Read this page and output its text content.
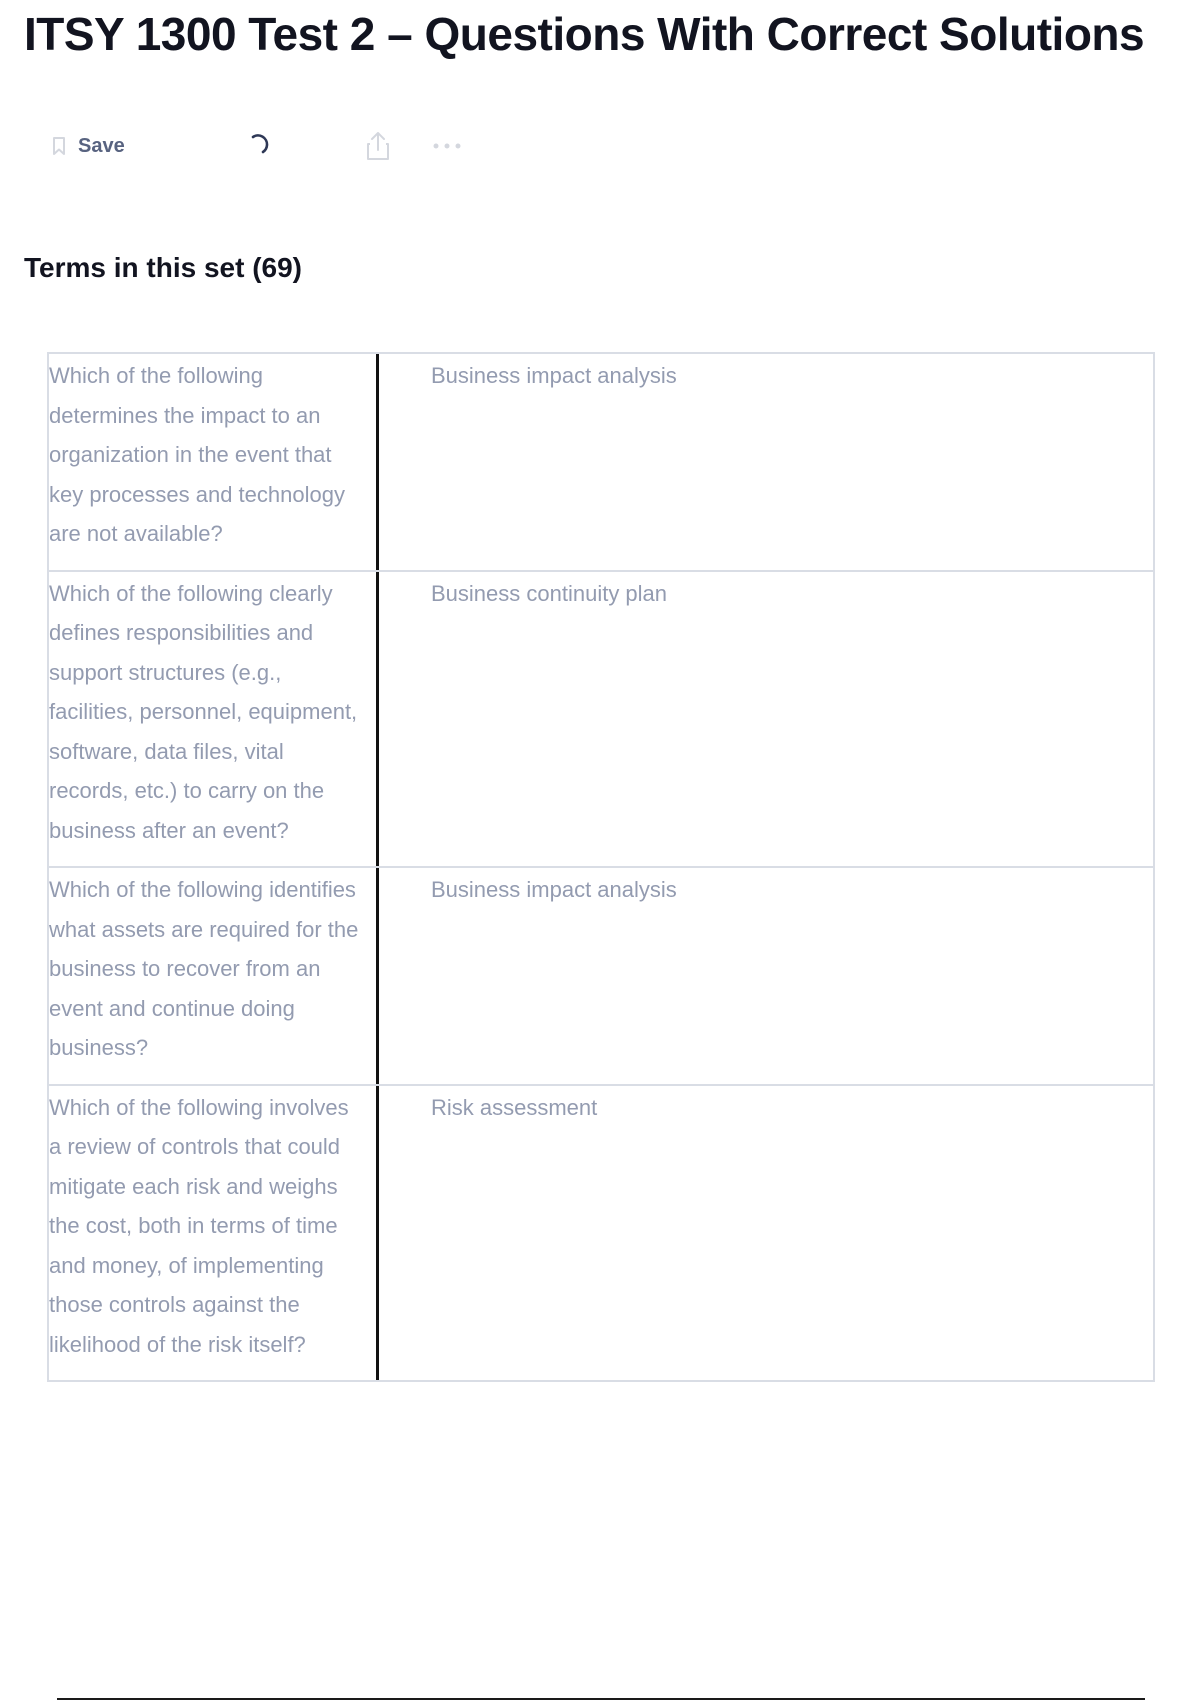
ITSY 1300 Test 2 – Questions With Correct Solutions
Save
Terms in this set (69)
Which of the following determines the impact to an organization in the event that key processes and technology are not available?
Business impact analysis
Which of the following clearly defines responsibilities and support structures (e.g., facilities, personnel, equipment, software, data files, vital records, etc.) to carry on the business after an event?
Business continuity plan
Which of the following identifies what assets are required for the business to recover from an event and continue doing business?
Business impact analysis
Which of the following involves a review of controls that could mitigate each risk and weighs the cost, both in terms of time and money, of implementing those controls against the likelihood of the risk itself?
Risk assessment
